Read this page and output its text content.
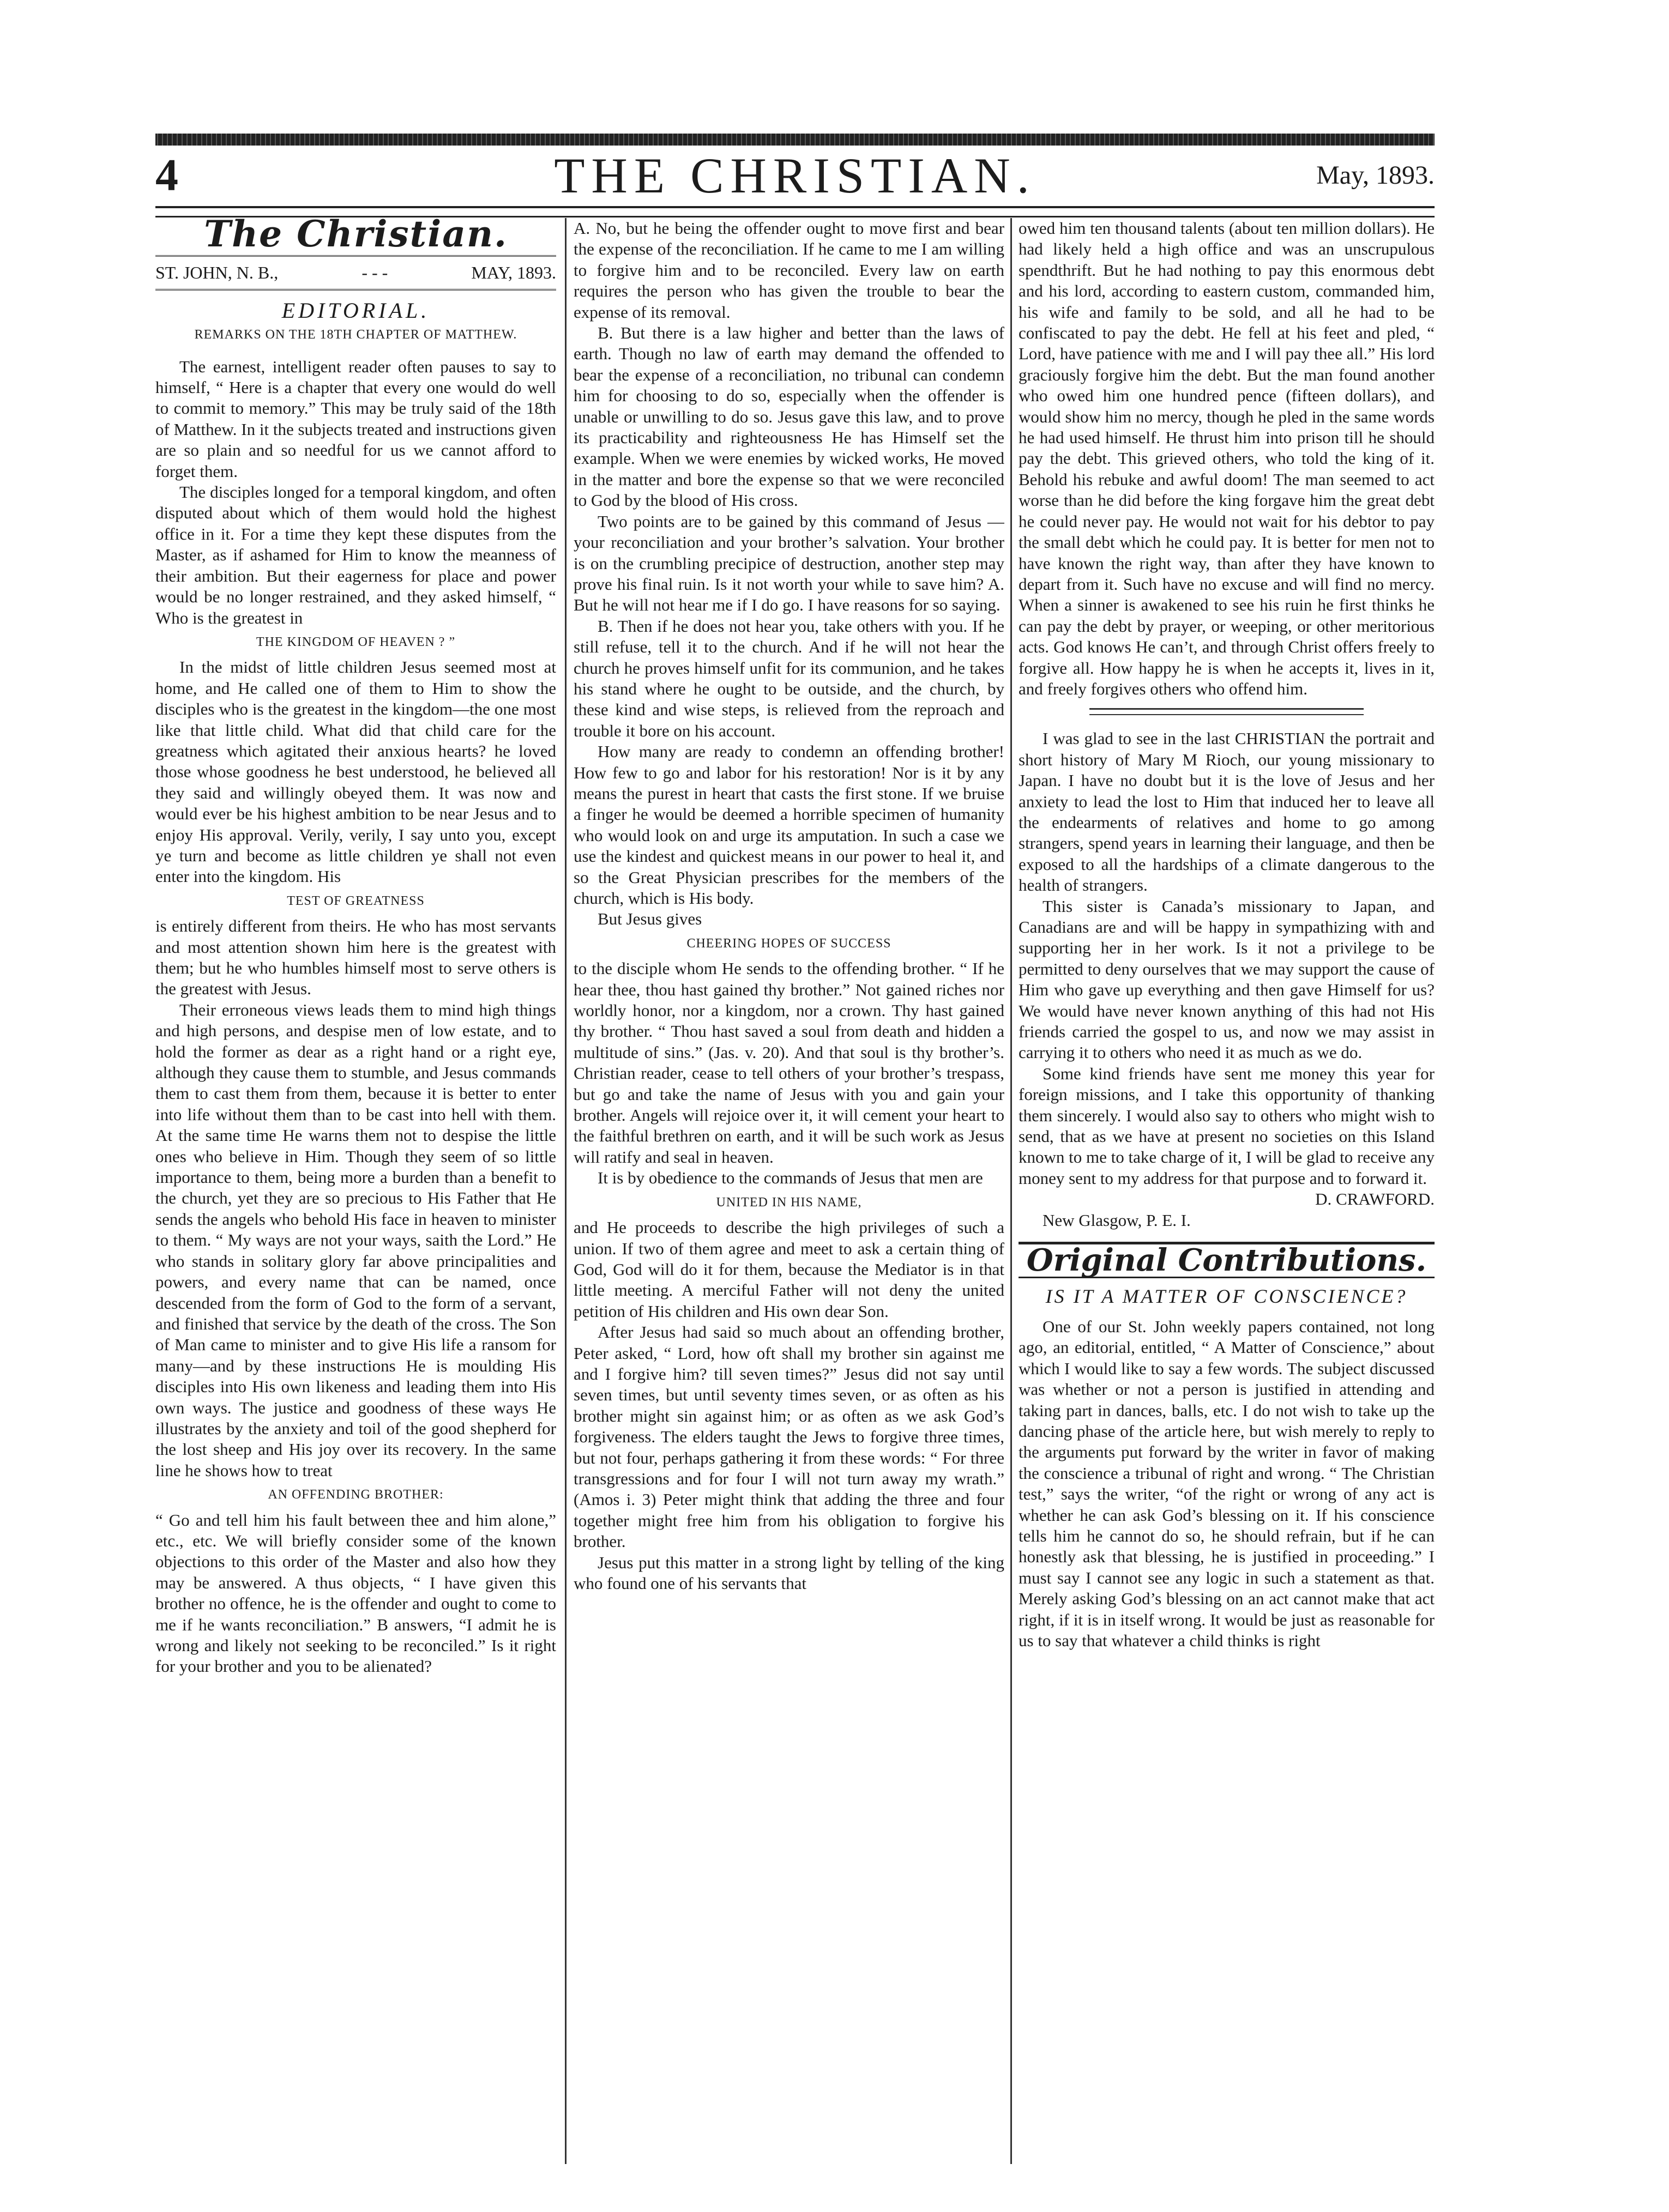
4	THE CHRISTIAN.	May, 1893.
The Christian.
ST. JOHN, N. B.,	- - -	MAY, 1893.
EDITORIAL.
REMARKS ON THE 18TH CHAPTER OF MATTHEW.

The earnest, intelligent reader often pauses to say to himself, “ Here is a chapter that every one would do well to commit to memory.” This may be truly said of the 18th of Matthew. In it the subjects treated and instructions given are so plain and so needful for us we cannot afford to forget them.

The disciples longed for a temporal kingdom, and often disputed about which of them would hold the highest office in it. For a time they kept these disputes from the Master, as if ashamed for Him to know the meanness of their ambition. But their eagerness for place and power would be no longer restrained, and they asked himself, “ Who is the greatest in

THE KINGDOM OF HEAVEN ? ”

In the midst of little children Jesus seemed most at home, and He called one of them to Him to show the disciples who is the greatest in the kingdom—the one most like that little child. What did that child care for the greatness which agitated their anxious hearts? he loved those whose goodness he best understood, he believed all they said and willingly obeyed them. It was now and would ever be his highest ambition to be near Jesus and to enjoy His approval. Verily, verily, I say unto you, except ye turn and become as little children ye shall not even enter into the kingdom. His

TEST OF GREATNESS

is entirely different from theirs. He who has most servants and most attention shown him here is the greatest with them; but he who humbles himself most to serve others is the greatest with Jesus.

Their erroneous views leads them to mind high things and high persons, and despise men of low estate, and to hold the former as dear as a right hand or a right eye, although they cause them to stumble, and Jesus commands them to cast them from them, because it is better to enter into life without them than to be cast into hell with them. At the same time He warns them not to despise the little ones who believe in Him. Though they seem of so little importance to them, being more a burden than a benefit to the church, yet they are so precious to His Father that He sends the angels who behold His face in heaven to minister to them. “ My ways are not your ways, saith the Lord.” He who stands in solitary glory far above principalities and powers, and every name that can be named, once descended from the form of God to the form of a servant, and finished that service by the death of the cross. The Son of Man came to minister and to give His life a ransom for many—and by these instructions He is moulding His disciples into His own likeness and leading them into His own ways. The justice and goodness of these ways He illustrates by the anxiety and toil of the good shepherd for the lost sheep and His joy over its recovery. In the same line he shows how to treat

AN OFFENDING BROTHER:

“ Go and tell him his fault between thee and him alone,” etc., etc. We will briefly consider some of the known objections to this order of the Master and also how they may be answered. A thus objects, “ I have given this brother no offence, he is the offender and ought to come to me if he wants reconciliation.” B answers, “I admit he is wrong and likely not seeking to be reconciled.” Is it right for your brother and you to be alienated?

A. No, but he being the offender ought to move first and bear the expense of the reconciliation. If he came to me I am willing to forgive him and to be reconciled. Every law on earth requires the person who has given the trouble to bear the expense of its removal.

B. But there is a law higher and better than the laws of earth. Though no law of earth may demand the offended to bear the expense of a reconciliation, no tribunal can condemn him for choosing to do so, especially when the offender is unable or unwilling to do so. Jesus gave this law, and to prove its practicability and righteousness He has Himself set the example. When we were enemies by wicked works, He moved in the matter and bore the expense so that we were reconciled to God by the blood of His cross.

Two points are to be gained by this command of Jesus — your reconciliation and your brother’s salvation. Your brother is on the crumbling precipice of destruction, another step may prove his final ruin. Is it not worth your while to save him? A. But he will not hear me if I do go. I have reasons for so saying.

B. Then if he does not hear you, take others with you. If he still refuse, tell it to the church. And if he will not hear the church he proves himself unfit for its communion, and he takes his stand where he ought to be outside, and the church, by these kind and wise steps, is relieved from the reproach and trouble it bore on his account.

How many are ready to condemn an offending brother! How few to go and labor for his restoration! Nor is it by any means the purest in heart that casts the first stone. If we bruise a finger he would be deemed a horrible specimen of humanity who would look on and urge its amputation. In such a case we use the kindest and quickest means in our power to heal it, and so the Great Physician prescribes for the members of the church, which is His body.

But Jesus gives

CHEERING HOPES OF SUCCESS

to the disciple whom He sends to the offending brother. “ If he hear thee, thou hast gained thy brother.” Not gained riches nor worldly honor, nor a kingdom, nor a crown. Thy hast gained thy brother. “ Thou hast saved a soul from death and hidden a multitude of sins.” (Jas. v. 20). And that soul is thy brother’s. Christian reader, cease to tell others of your brother’s trespass, but go and take the name of Jesus with you and gain your brother. Angels will rejoice over it, it will cement your heart to the faithful brethren on earth, and it will be such work as Jesus will ratify and seal in heaven.

It is by obedience to the commands of Jesus that men are

UNITED IN HIS NAME,

and He proceeds to describe the high privileges of such a union. If two of them agree and meet to ask a certain thing of God, God will do it for them, because the Mediator is in that little meeting. A merciful Father will not deny the united petition of His children and His own dear Son.

After Jesus had said so much about an offending brother, Peter asked, “ Lord, how oft shall my brother sin against me and I forgive him? till seven times?” Jesus did not say until seven times, but until seventy times seven, or as often as his brother might sin against him; or as often as we ask God’s forgiveness. The elders taught the Jews to forgive three times, but not four, perhaps gathering it from these words: “ For three transgressions and for four I will not turn away my wrath.” (Amos i. 3) Peter might think that adding the three and four together might free him from his obligation to forgive his brother.

Jesus put this matter in a strong light by telling of the king who found one of his servants that

owed him ten thousand talents (about ten million dollars). He had likely held a high office and was an unscrupulous spendthrift. But he had nothing to pay this enormous debt and his lord, according to eastern custom, commanded him, his wife and family to be sold, and all he had to be confiscated to pay the debt. He fell at his feet and pled, “ Lord, have patience with me and I will pay thee all.” His lord graciously forgive him the debt. But the man found another who owed him one hundred pence (fifteen dollars), and would show him no mercy, though he pled in the same words he had used himself. He thrust him into prison till he should pay the debt. This grieved others, who told the king of it. Behold his rebuke and awful doom! The man seemed to act worse than he did before the king forgave him the great debt he could never pay. He would not wait for his debtor to pay the small debt which he could pay. It is better for men not to have known the right way, than after they have known to depart from it. Such have no excuse and will find no mercy. When a sinner is awakened to see his ruin he first thinks he can pay the debt by prayer, or weeping, or other meritorious acts. God knows He can’t, and through Christ offers freely to forgive all. How happy he is when he accepts it, lives in it, and freely forgives others who offend him.

I was glad to see in the last CHRISTIAN the portrait and short history of Mary M Rioch, our young missionary to Japan. I have no doubt but it is the love of Jesus and her anxiety to lead the lost to Him that induced her to leave all the endearments of relatives and home to go among strangers, spend years in learning their language, and then be exposed to all the hardships of a climate dangerous to the health of strangers.

This sister is Canada’s missionary to Japan, and Canadians are and will be happy in sympathizing with and supporting her in her work. Is it not a privilege to be permitted to deny ourselves that we may support the cause of Him who gave up everything and then gave Himself for us? We would have never known anything of this had not His friends carried the gospel to us, and now we may assist in carrying it to others who need it as much as we do.

Some kind friends have sent me money this year for foreign missions, and I take this opportunity of thanking them sincerely. I would also say to others who might wish to send, that as we have at present no societies on this Island known to me to take charge of it, I will be glad to receive any money sent to my address for that purpose and to forward it.

D. CRAWFORD.

New Glasgow, P. E. I.

Original Contributions.
IS IT A MATTER OF CONSCIENCE?

One of our St. John weekly papers contained, not long ago, an editorial, entitled, “ A Matter of Conscience,” about which I would like to say a few words. The subject discussed was whether or not a person is justified in attending and taking part in dances, balls, etc. I do not wish to take up the dancing phase of the article here, but wish merely to reply to the arguments put forward by the writer in favor of making the conscience a tribunal of right and wrong. “ The Christian test,” says the writer, “of the right or wrong of any act is whether he can ask God’s blessing on it. If his conscience tells him he cannot do so, he should refrain, but if he can honestly ask that blessing, he is justified in proceeding.” I must say I cannot see any logic in such a statement as that. Merely asking God’s blessing on an act cannot make that act right, if it is in itself wrong. It would be just as reasonable for us to say that whatever a child thinks is right
